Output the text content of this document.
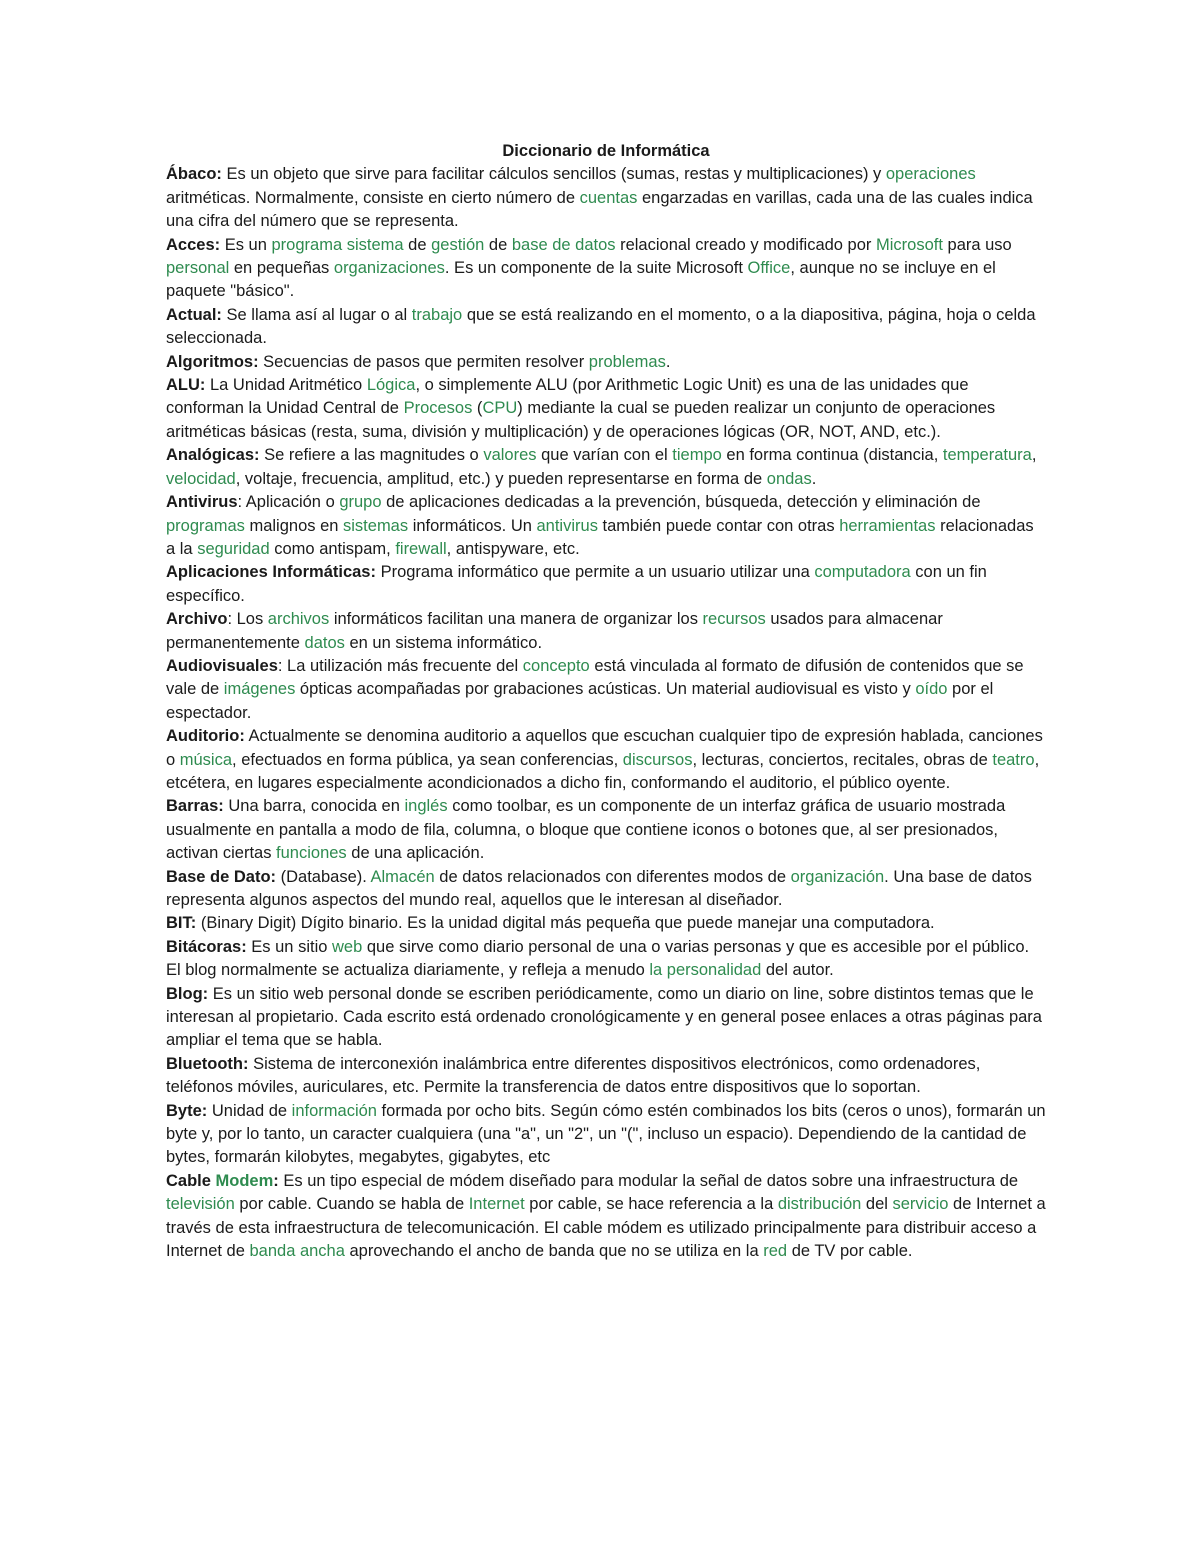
Diccionario de Informática

Ábaco: Es un objeto que sirve para facilitar cálculos sencillos (sumas, restas y multiplicaciones) y operaciones aritméticas. Normalmente, consiste en cierto número de cuentas engarzadas en varillas, cada una de las cuales indica una cifra del número que se representa.

Acces: Es un programa sistema de gestión de base de datos relacional creado y modificado por Microsoft para uso personal en pequeñas organizaciones. Es un componente de la suite Microsoft Office, aunque no se incluye en el paquete "básico".

Actual: Se llama así al lugar o al trabajo que se está realizando en el momento, o a la diapositiva, página, hoja o celda seleccionada.

Algoritmos: Secuencias de pasos que permiten resolver problemas.

ALU: La Unidad Aritmético Lógica, o simplemente ALU (por Arithmetic Logic Unit) es una de las unidades que conforman la Unidad Central de Procesos (CPU) mediante la cual se pueden realizar un conjunto de operaciones aritméticas básicas (resta, suma, división y multiplicación) y de operaciones lógicas (OR, NOT, AND, etc.).

Analógicas: Se refiere a las magnitudes o valores que varían con el tiempo en forma continua (distancia, temperatura, velocidad, voltaje, frecuencia, amplitud, etc.) y pueden representarse en forma de ondas.

Antivirus: Aplicación o grupo de aplicaciones dedicadas a la prevención, búsqueda, detección y eliminación de programas malignos en sistemas informáticos. Un antivirus también puede contar con otras herramientas relacionadas a la seguridad como antispam, firewall, antispyware, etc.

Aplicaciones Informáticas: Programa informático que permite a un usuario utilizar una computadora con un fin específico.

Archivo: Los archivos informáticos facilitan una manera de organizar los recursos usados para almacenar permanentemente datos en un sistema informático.

Audiovisuales: La utilización más frecuente del concepto está vinculada al formato de difusión de contenidos que se vale de imágenes ópticas acompañadas por grabaciones acústicas. Un material audiovisual es visto y oído por el espectador.

Auditorio: Actualmente se denomina auditorio a aquellos que escuchan cualquier tipo de expresión hablada, canciones o música, efectuados en forma pública, ya sean conferencias, discursos, lecturas, conciertos, recitales, obras de teatro, etcétera, en lugares especialmente acondicionados a dicho fin, conformando el auditorio, el público oyente.

Barras: Una barra, conocida en inglés como toolbar, es un componente de un interfaz gráfica de usuario mostrada usualmente en pantalla a modo de fila, columna, o bloque que contiene iconos o botones que, al ser presionados, activan ciertas funciones de una aplicación.

Base de Dato: (Database). Almacén de datos relacionados con diferentes modos de organización. Una base de datos representa algunos aspectos del mundo real, aquellos que le interesan al diseñador.

BIT: (Binary Digit) Dígito binario. Es la unidad digital más pequeña que puede manejar una computadora.

Bitácoras: Es un sitio web que sirve como diario personal de una o varias personas y que es accesible por el público. El blog normalmente se actualiza diariamente, y refleja a menudo la personalidad del autor.

Blog: Es un sitio web personal donde se escriben periódicamente, como un diario on line, sobre distintos temas que le interesan al propietario. Cada escrito está ordenado cronológicamente y en general posee enlaces a otras páginas para ampliar el tema que se habla.

Bluetooth: Sistema de interconexión inalámbrica entre diferentes dispositivos electrónicos, como ordenadores, teléfonos móviles, auriculares, etc. Permite la transferencia de datos entre dispositivos que lo soportan.

Byte: Unidad de información formada por ocho bits. Según cómo estén combinados los bits (ceros o unos), formarán un byte y, por lo tanto, un caracter cualquiera (una "a", un "2", un "(", incluso un espacio). Dependiendo de la cantidad de bytes, formarán kilobytes, megabytes, gigabytes, etc

Cable Modem: Es un tipo especial de módem diseñado para modular la señal de datos sobre una infraestructura de televisión por cable. Cuando se habla de Internet por cable, se hace referencia a la distribución del servicio de Internet a través de esta infraestructura de telecomunicación. El cable módem es utilizado principalmente para distribuir acceso a Internet de banda ancha aprovechando el ancho de banda que no se utiliza en la red de TV por cable.
